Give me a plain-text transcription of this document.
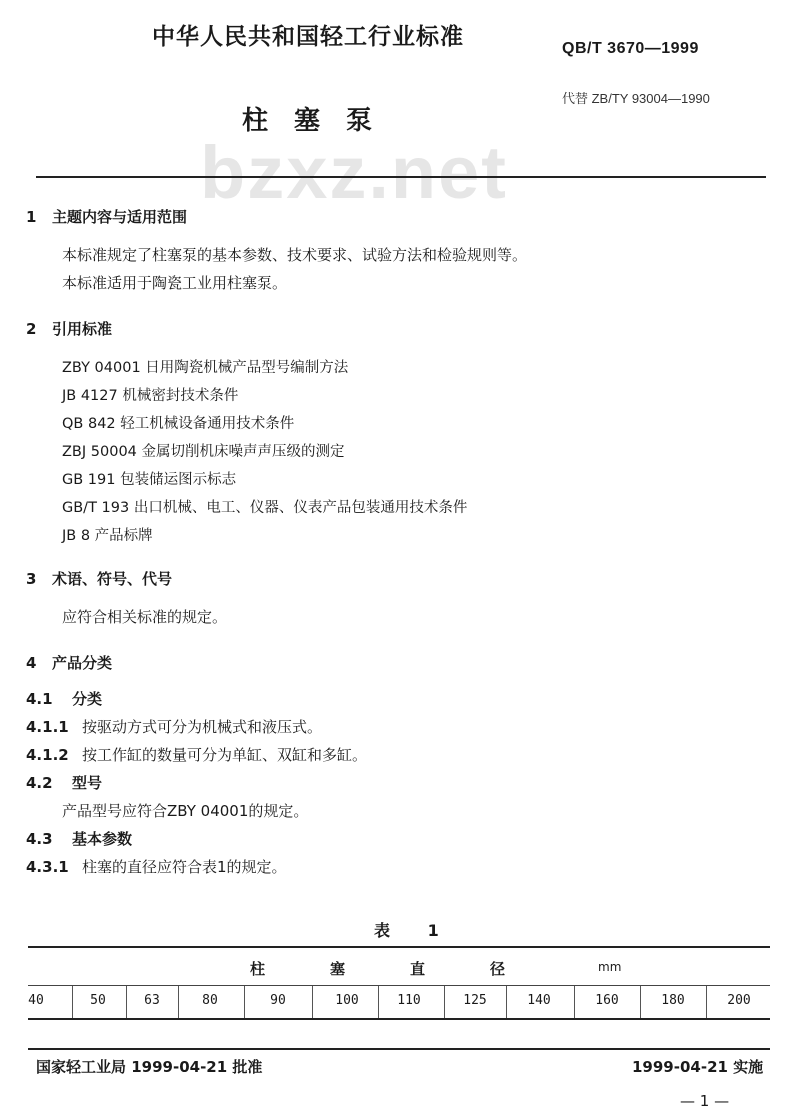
中华人民共和国轻工行业标准	QB/T 3670—1999
代替 ZB/TY 93004—1990
bzxz.net
柱塞泵
1 主题内容与适用范围
本标准规定了柱塞泵的基本参数、技术要求、试验方法和检验规则等。
本标准适用于陶瓷工业用柱塞泵。
2 引用标准
ZBY 04001 日用陶瓷机械产品型号编制方法
JB 4127 机械密封技术条件
QB 842 轻工机械设备通用技术条件
ZBJ 50004 金属切削机床噪声声压级的测定
GB 191 包装储运图示标志
GB/T 193 出口机械、电工、仪器、仪表产品包装通用技术条件
JB 8 产品标牌
3 术语、符号、代号
应符合相关标准的规定。
4 产品分类
4.1 分类
4.1.1 按驱动方式可分为机械式和液压式。
4.1.2 按工作缸的数量可分为单缸、双缸和多缸。
4.2 型号
产品型号应符合ZBY 04001的规定。
4.3 基本参数
4.3.1 柱塞的直径应符合表1的规定。
表 1
柱	塞	直	径	mm
40	50	63	80	90	100	110	125	140	160	180	200
国家轻工业局 1999-04-21 批准	1999-04-21 实施
— 1 —
